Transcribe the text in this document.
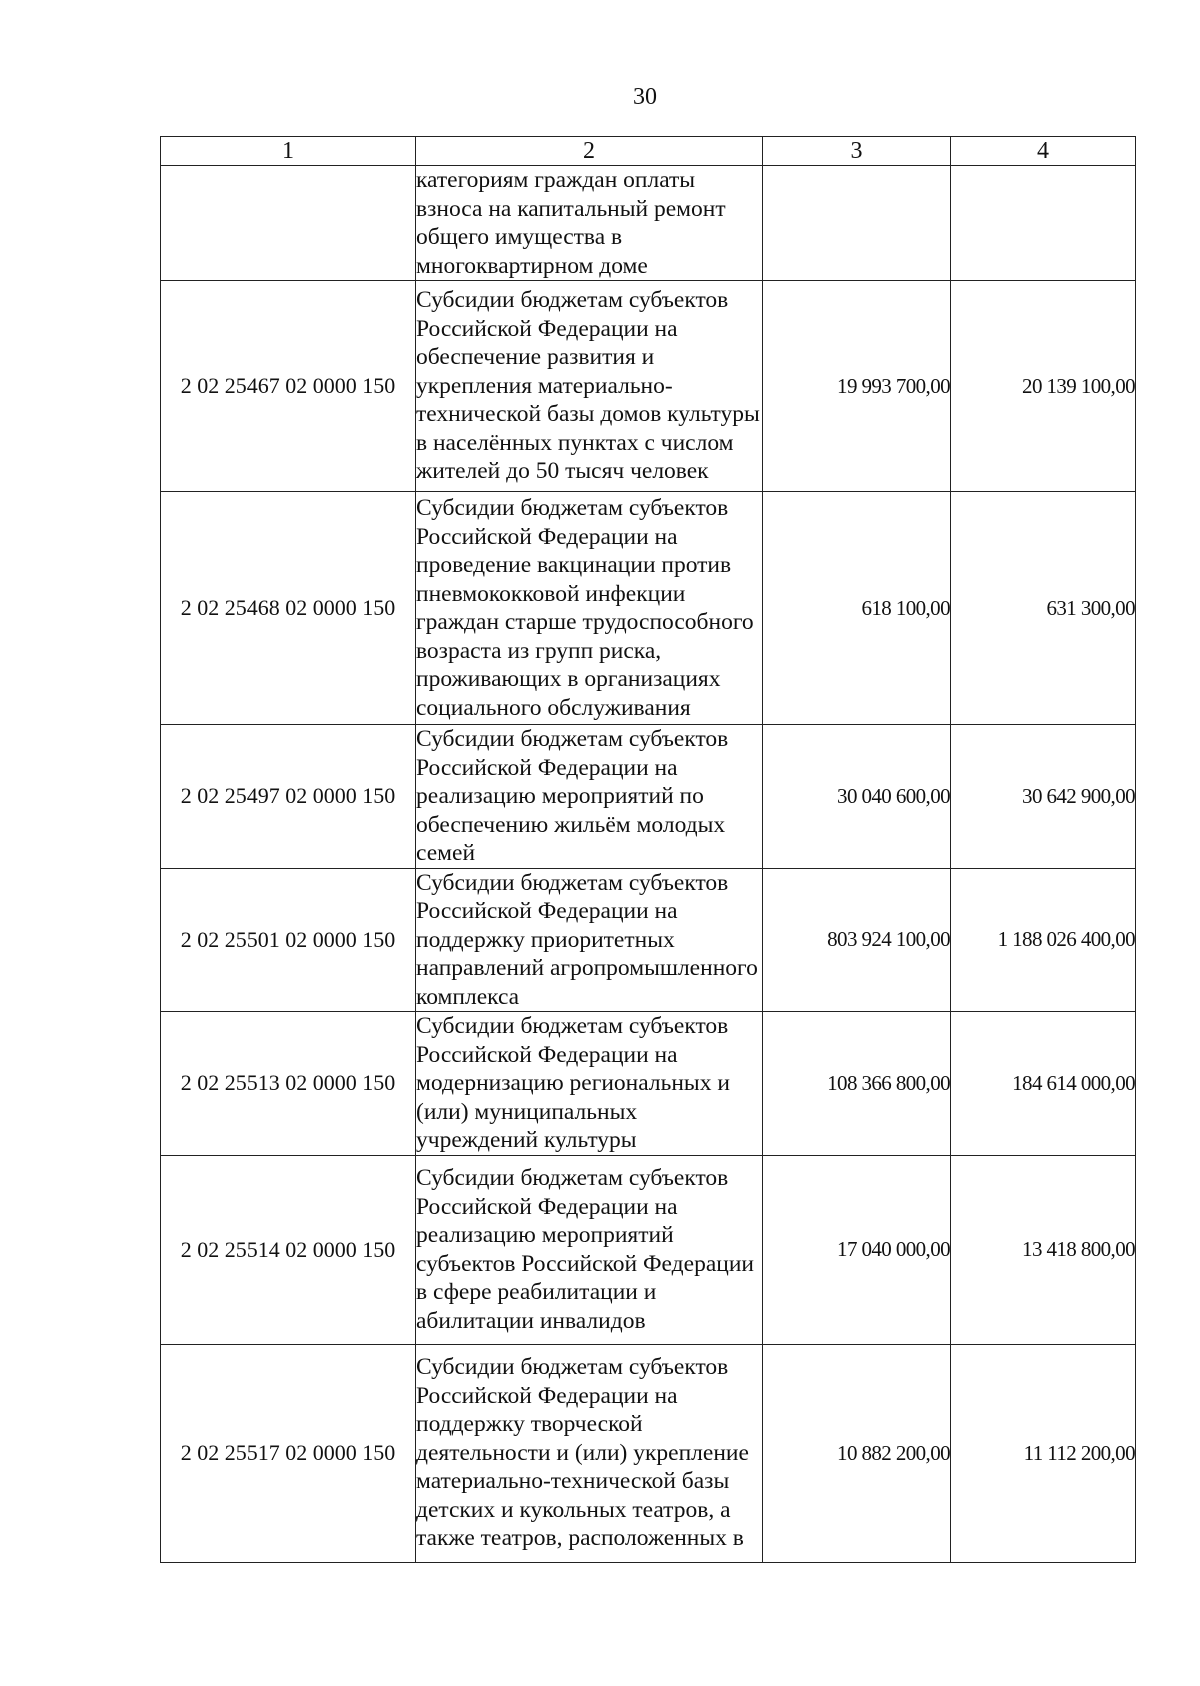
30
1	2	3	4
	категориям граждан оплаты взноса на капитальный ремонт общего имущества в многоквартирном доме		
2 02 25467 02 0000 150	Субсидии бюджетам субъектов Российской Федерации на обеспечение развития и укрепления материально-технической базы домов культуры в населённых пунктах с числом жителей до 50 тысяч человек	19 993 700,00	20 139 100,00
2 02 25468 02 0000 150	Субсидии бюджетам субъектов Российской Федерации на проведение вакцинации против пневмококковой инфекции граждан старше трудоспособного возраста из групп риска, проживающих в организациях социального обслуживания	618 100,00	631 300,00
2 02 25497 02 0000 150	Субсидии бюджетам субъектов Российской Федерации на реализацию мероприятий по обеспечению жильём молодых семей	30 040 600,00	30 642 900,00
2 02 25501 02 0000 150	Субсидии бюджетам субъектов Российской Федерации на поддержку приоритетных направлений агропромышленного комплекса	803 924 100,00	1 188 026 400,00
2 02 25513 02 0000 150	Субсидии бюджетам субъектов Российской Федерации на модернизацию региональных и (или) муниципальных учреждений культуры	108 366 800,00	184 614 000,00
2 02 25514 02 0000 150	Субсидии бюджетам субъектов Российской Федерации на реализацию мероприятий субъектов Российской Федерации в сфере реабилитации и абилитации инвалидов	17 040 000,00	13 418 800,00
2 02 25517 02 0000 150	Субсидии бюджетам субъектов Российской Федерации на поддержку творческой деятельности и (или) укрепление материально-технической базы детских и кукольных театров, а также театров, расположенных в	10 882 200,00	11 112 200,00
